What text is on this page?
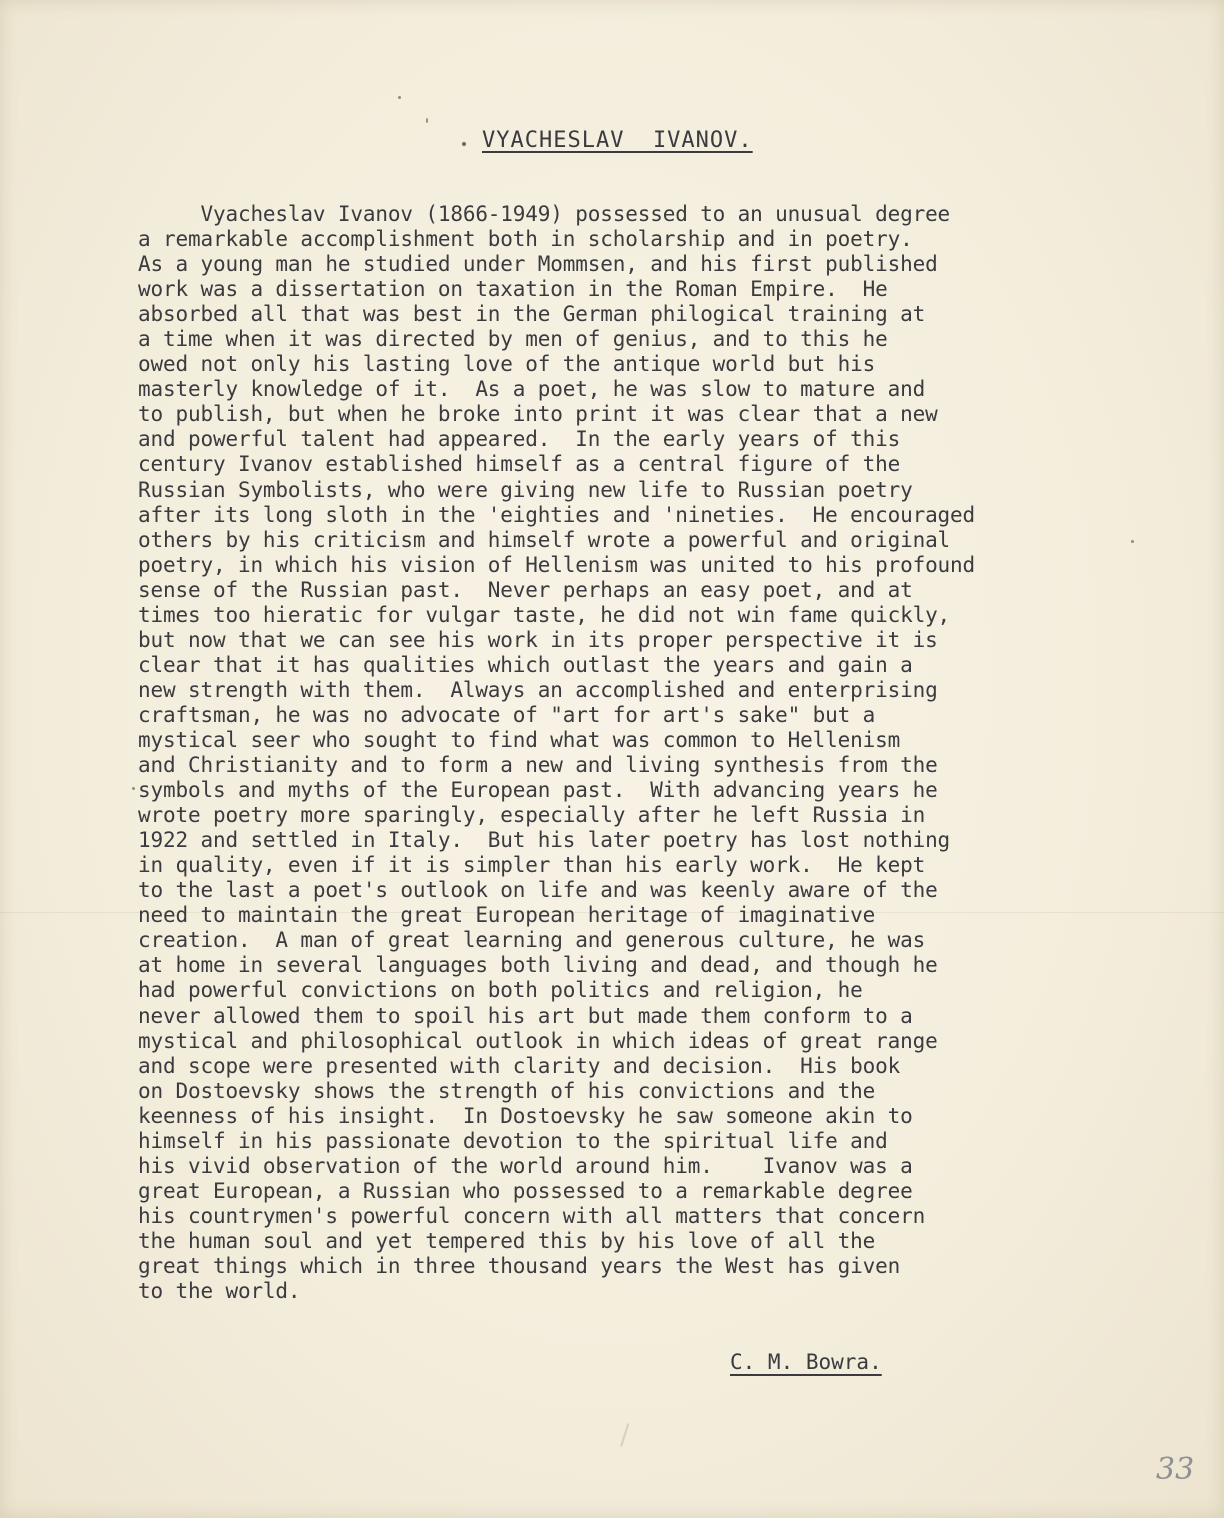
VYACHESLAV  IVANOV.
Vyacheslav Ivanov (1866-1949) possessed to an unusual degree
a remarkable accomplishment both in scholarship and in poetry.
As a young man he studied under Mommsen, and his first published
work was a dissertation on taxation in the Roman Empire.  He
absorbed all that was best in the German philogical training at
a time when it was directed by men of genius, and to this he
owed not only his lasting love of the antique world but his
masterly knowledge of it.  As a poet, he was slow to mature and
to publish, but when he broke into print it was clear that a new
and powerful talent had appeared.  In the early years of this
century Ivanov established himself as a central figure of the
Russian Symbolists, who were giving new life to Russian poetry
after its long sloth in the 'eighties and 'nineties.  He encouraged
others by his criticism and himself wrote a powerful and original
poetry, in which his vision of Hellenism was united to his profound
sense of the Russian past.  Never perhaps an easy poet, and at
times too hieratic for vulgar taste, he did not win fame quickly,
but now that we can see his work in its proper perspective it is
clear that it has qualities which outlast the years and gain a
new strength with them.  Always an accomplished and enterprising
craftsman, he was no advocate of "art for art's sake" but a
mystical seer who sought to find what was common to Hellenism
and Christianity and to form a new and living synthesis from the
symbols and myths of the European past.  With advancing years he
wrote poetry more sparingly, especially after he left Russia in
1922 and settled in Italy.  But his later poetry has lost nothing
in quality, even if it is simpler than his early work.  He kept
to the last a poet's outlook on life and was keenly aware of the
need to maintain the great European heritage of imaginative
creation.  A man of great learning and generous culture, he was
at home in several languages both living and dead, and though he
had powerful convictions on both politics and religion, he
never allowed them to spoil his art but made them conform to a
mystical and philosophical outlook in which ideas of great range
and scope were presented with clarity and decision.  His book
on Dostoevsky shows the strength of his convictions and the
keenness of his insight.  In Dostoevsky he saw someone akin to
himself in his passionate devotion to the spiritual life and
his vivid observation of the world around him.    Ivanov was a
great European, a Russian who possessed to a remarkable degree
his countrymen's powerful concern with all matters that concern
the human soul and yet tempered this by his love of all the
great things which in three thousand years the West has given
to the world.
C. M. Bowra.
/
33
